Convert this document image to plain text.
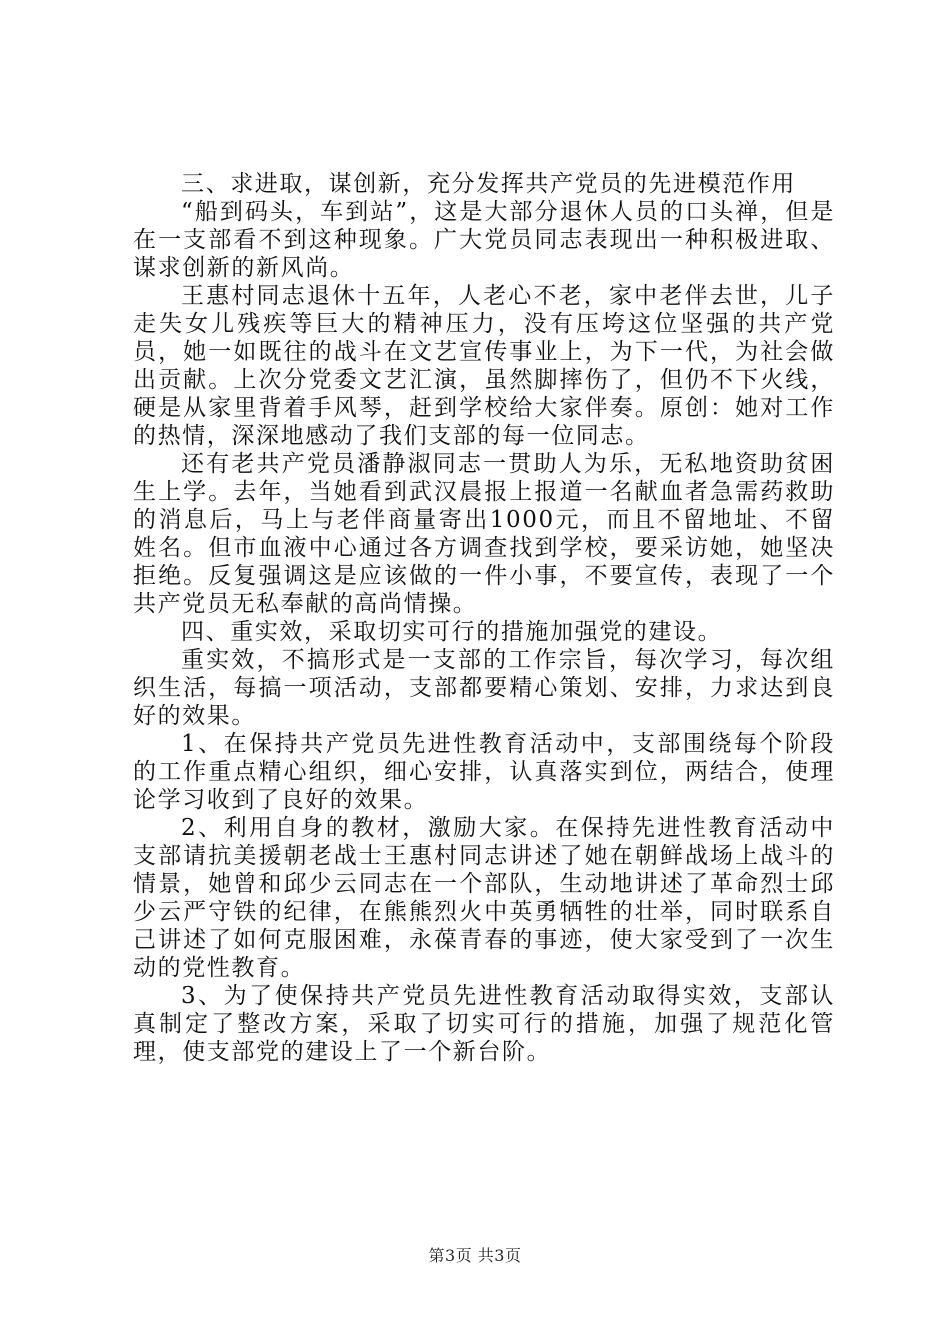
三、求进取，谋创新，充分发挥共产党员的先进模范作用

“船到码头，车到站”，这是大部分退休人员的口头禅，但是在一支部看不到这种现象。广大党员同志表现出一种积极进取、谋求创新的新风尚。

王惠村同志退休十五年，人老心不老，家中老伴去世，儿子走失女儿残疾等巨大的精神压力，没有压垮这位坚强的共产党员，她一如既往的战斗在文艺宣传事业上，为下一代，为社会做出贡献。上次分党委文艺汇演，虽然脚摔伤了，但仍不下火线，硬是从家里背着手风琴，赶到学校给大家伴奏。原创：她对工作的热情，深深地感动了我们支部的每一位同志。

还有老共产党员潘静淑同志一贯助人为乐，无私地资助贫困生上学。去年，当她看到武汉晨报上报道一名献血者急需药救助的消息后，马上与老伴商量寄出1000元，而且不留地址、不留姓名。但市血液中心通过各方调查找到学校，要采访她，她坚决拒绝。反复强调这是应该做的一件小事，不要宣传，表现了一个共产党员无私奉献的高尚情操。

四、重实效，采取切实可行的措施加强党的建设。

重实效，不搞形式是一支部的工作宗旨，每次学习，每次组织生活，每搞一项活动，支部都要精心策划、安排，力求达到良好的效果。

1、在保持共产党员先进性教育活动中，支部围绕每个阶段的工作重点精心组织，细心安排，认真落实到位，两结合，使理论学习收到了良好的效果。

2、利用自身的教材，激励大家。在保持先进性教育活动中支部请抗美援朝老战士王惠村同志讲述了她在朝鲜战场上战斗的情景，她曾和邱少云同志在一个部队，生动地讲述了革命烈士邱少云严守铁的纪律，在熊熊烈火中英勇牺牲的壮举，同时联系自己讲述了如何克服困难，永葆青春的事迹，使大家受到了一次生动的党性教育。

3、为了使保持共产党员先进性教育活动取得实效，支部认真制定了整改方案，采取了切实可行的措施，加强了规范化管理，使支部党的建设上了一个新台阶。

第3页 共3页
